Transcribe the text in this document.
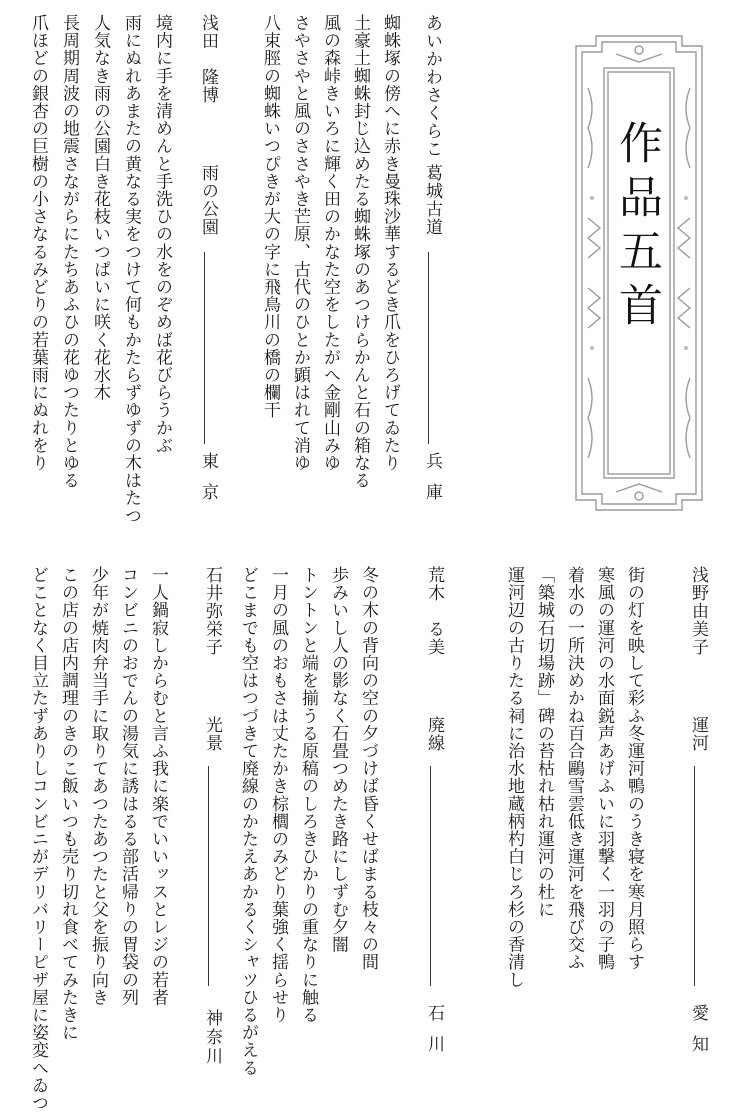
作品五首
あいかわさくらこ
葛城古道
兵庫
蜘蛛塚の傍へに赤き曼珠沙華するどき爪をひろげてゐたり
土豪土蜘蛛封じ込めたる蜘蛛塚のあつけらかんと石の箱なる
風の森峠きいろに輝く田のかなた空をしたがへ金剛山みゆ
さやさやと風のささやき芒原、古代のひとか顕はれて消ゆ
八束脛の蜘蛛いつぴきが大の字に飛鳥川の橋の欄干
浅田　隆博
雨の公園
東京
境内に手を清めんと手洗ひの水をのぞめば花びらうかぶ
雨にぬれあまたの黄なる実をつけて何もかたらずゆずの木はたつ
人気なき雨の公園白き花枝いつぱいに咲く花水木
長周期周波の地震さながらにたちあふひの花ゆつたりとゆる
爪ほどの銀杏の巨樹の小さなるみどりの若葉雨にぬれをり
浅野由美子
運河
愛知
街の灯を映して彩ふ冬運河鴨のうき寝を寒月照らす
寒風の運河の水面鋭声あげふいに羽撃く一羽の子鴨
着水の一所決めかね百合鷗雪雲低き運河を飛び交ふ
「築城石切場跡」碑の苔枯れ枯れ運河の杜に
運河辺の古りたる祠に治水地蔵柄杓白じろ杉の香清し
荒木　る美
廃線
石川
冬の木の背向の空の夕づけば昏くせばまる枝々の間
歩みいし人の影なく石畳つめたき路にしずむ夕闇
トントンと端を揃うる原稿のしろきひかりの重なりに触る
一月の風のおもさは丈たかき棕櫚のみどり葉強く揺らせり
どこまでも空はつづきて廃線のかたえあかるくシャツひるがえる
石井弥栄子
光景
神奈川
一人鍋寂しからむと言ふ我に楽でいいッスとレジの若者
コンビニのおでんの湯気に誘はるる部活帰りの胃袋の列
少年が焼肉弁当手に取りてあつたあつたと父を振り向き
この店の店内調理のきのこ飯いつも売り切れ食べてみたきに
どことなく目立たずありしコンビニがデリバリーピザ屋に姿変へゐつ
